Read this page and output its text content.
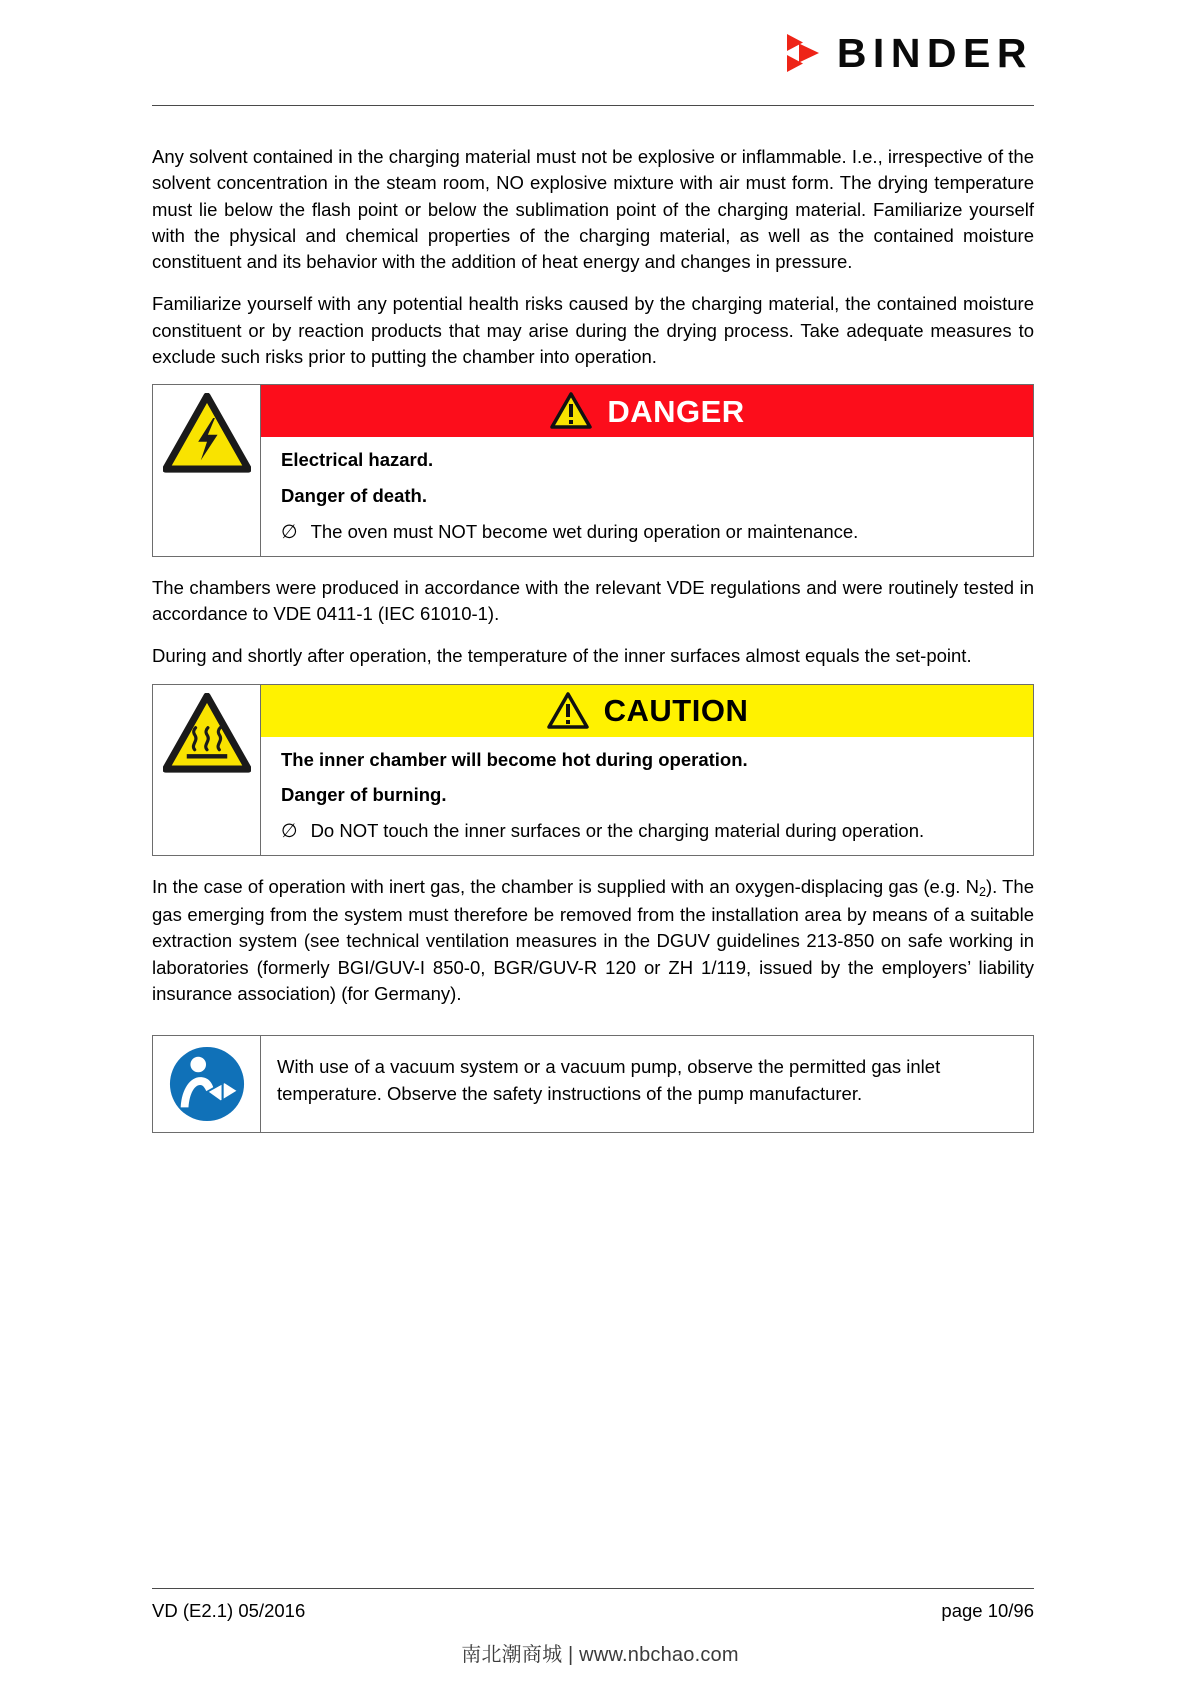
BINDER

Any solvent contained in the charging material must not be explosive or inflammable. I.e., irrespective of the solvent concentration in the steam room, NO explosive mixture with air must form. The drying temperature must lie below the flash point or below the sublimation point of the charging material. Familiarize yourself with the physical and chemical properties of the charging material, as well as the contained moisture constituent and its behavior with the addition of heat energy and changes in pressure.

Familiarize yourself with any potential health risks caused by the charging material, the contained moisture constituent or by reaction products that may arise during the drying process. Take adequate measures to exclude such risks prior to putting the chamber into operation.

DANGER
Electrical hazard.
Danger of death.
∅ The oven must NOT become wet during operation or maintenance.

The chambers were produced in accordance with the relevant VDE regulations and were routinely tested in accordance to VDE 0411-1 (IEC 61010-1).

During and shortly after operation, the temperature of the inner surfaces almost equals the set-point.

CAUTION
The inner chamber will become hot during operation.
Danger of burning.
∅ Do NOT touch the inner surfaces or the charging material during operation.

In the case of operation with inert gas, the chamber is supplied with an oxygen-displacing gas (e.g. $N_2$). The gas emerging from the system must therefore be removed from the installation area by means of a suitable extraction system (see technical ventilation measures in the DGUV guidelines 213-850 on safe working in laboratories (formerly BGI/GUV-I 850-0, BGR/GUV-R 120 or ZH 1/119, issued by the employers’ liability insurance association) (for Germany).

With use of a vacuum system or a vacuum pump, observe the permitted gas inlet temperature. Observe the safety instructions of the pump manufacturer.
VD (E2.1) 05/2016	page 10/96
南北潮商城 | www.nbchao.com
